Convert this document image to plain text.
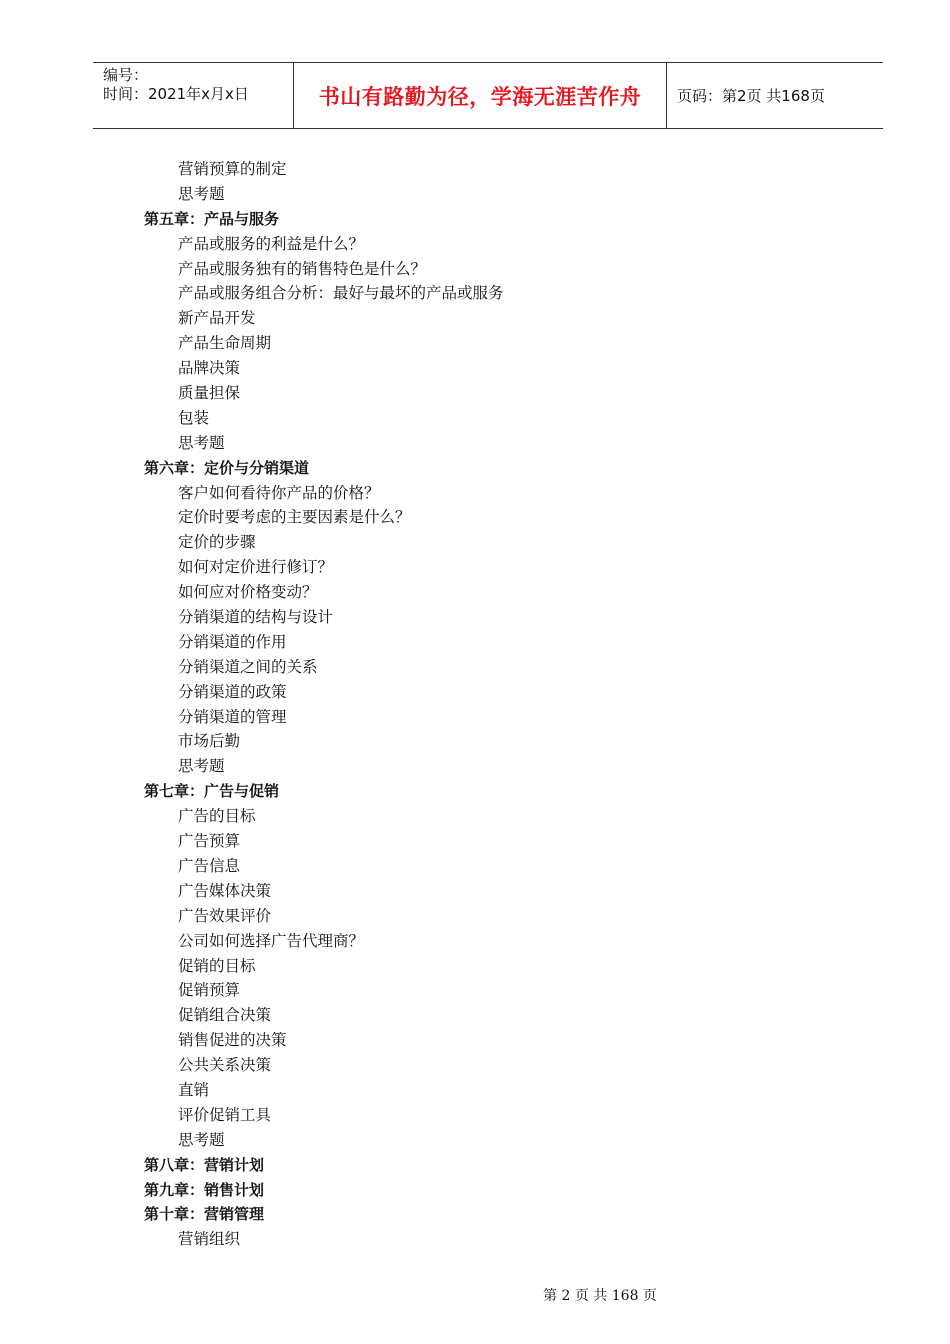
编号：
时间：2021年x月x日	书山有路勤为径，学海无涯苦作舟	页码：第2页 共168页
营销预算的制定
思考题
第五章：产品与服务
产品或服务的利益是什么？
产品或服务独有的销售特色是什么？
产品或服务组合分析：最好与最坏的产品或服务
新产品开发
产品生命周期
品牌决策
质量担保
包装
思考题
第六章：定价与分销渠道
客户如何看待你产品的价格？
定价时要考虑的主要因素是什么？
定价的步骤
如何对定价进行修订？
如何应对价格变动？
分销渠道的结构与设计
分销渠道的作用
分销渠道之间的关系
分销渠道的政策
分销渠道的管理
市场后勤
思考题
第七章：广告与促销
广告的目标
广告预算
广告信息
广告媒体决策
广告效果评价
公司如何选择广告代理商？
促销的目标
促销预算
促销组合决策
销售促进的决策
公共关系决策
直销
评价促销工具
思考题
第八章：营销计划
第九章：销售计划
第十章：营销管理
营销组织
第 2 页 共 168 页
